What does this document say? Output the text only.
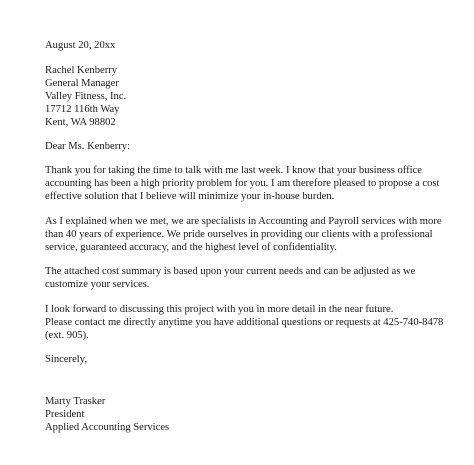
August 20, 20xx
Rachel Kenberry
General Manager
Valley Fitness, Inc.
17712 116th Way
Kent, WA 98802
Dear Ms. Kenberry:
Thank you for taking the time to talk with me last week. I know that your business office
accounting has been a high priority problem for you. I am therefore pleased to propose a cost
effective solution that I believe will minimize your in-house burden.
As I explained when we met, we are specialists in Accounting and Payroll services with more
than 40 years of experience. We pride ourselves in providing our clients with a professional
service, guaranteed accuracy, and the highest level of confidentiality.
The attached cost summary is based upon your current needs and can be adjusted as we
customize your services.
I look forward to discussing this project with you in more detail in the near future.
Please contact me directly anytime you have additional questions or requests at 425-740-8478
(ext. 905).
Sincerely,
Marty Trasker
President
Applied Accounting Services
